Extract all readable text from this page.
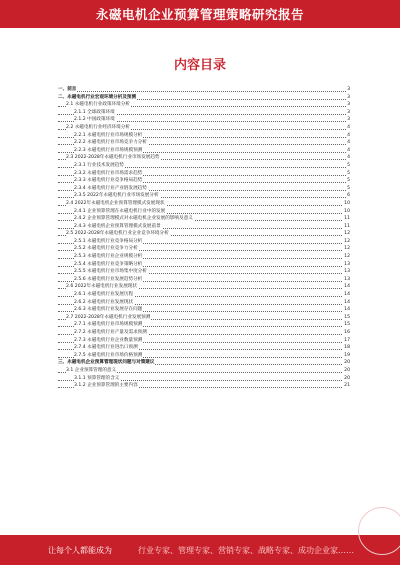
永磁电机企业预算管理策略研究报告
内容目录
一、前言	3
二、永磁电机行业宏观环境分析及预测	3
2.1 永磁电机行业政策环境分析	3
2.1.1 全球政策环境	3
2.1.2 中国政策环境	3
2.2 永磁电机行业经济环境分析	4
2.2.1 永磁电机行业市场规模分析	4
2.2.2 永磁电机行业市场竞争力分析	4
2.2.3 永磁电机行业市场规模预测	4
2.3 2022-2028年永磁电机行业市场发展趋势	4
2.3.1 行业技术发展趋势	5
2.3.2 永磁电机行业市场需求趋势	5
2.3.3 永磁电机行业竞争格局趋势	5
2.3.4 永磁电机行业产业链发展趋势	5
2.3.5 2022年永磁电机行业市场发展分析	6
2.4 2022年永磁电机企业预算管理模式发展现状	10
2.4.1 企业预算管理在永磁电机行业中的发展	10
2.4.2 企业预算管理模式对永磁电机企业发展的影响及意义	11
2.4.3 永磁电机企业预算管理模式发展前景	11
2.5 2022-2028年永磁电机行业企业竞争环境分析	12
2.5.1 永磁电机行业竞争格局分析	12
2.5.2 永磁电机行业竞争力分析	12
2.5.3 永磁电机行业企业规模分析	12
2.5.4 永磁电机行业竞争策略分析	13
2.5.5 永磁电机行业市场集中度分析	13
2.5.6 永磁电机行业发展趋势分析	13
2.6 2022年永磁电机行业发展现状	14
2.6.1 永磁电机行业发展历程	14
2.6.2 永磁电机行业发展现状	14
2.6.3 永磁电机行业发展存在问题	14
2.7 2022-2028年永磁电机行业发展预测	15
2.7.1 永磁电机行业市场规模预测	15
2.7.2 永磁电机行业产量及需求预测	16
2.7.3 永磁电机行业企业数量预测	17
2.7.4 永磁电机行业进出口预测	18
2.7.5 永磁电机行业市场价格预测	19
三、永磁电机企业预算管理现状问题与对策建议	20
3.1 企业预算管理的意义	20
3.1.1 预算管理的含义	20
3.1.2 企业预算管理的主要内容	21
让每个人都能成为	行业专家、管理专家、营销专家、战略专家、成功企业家……
